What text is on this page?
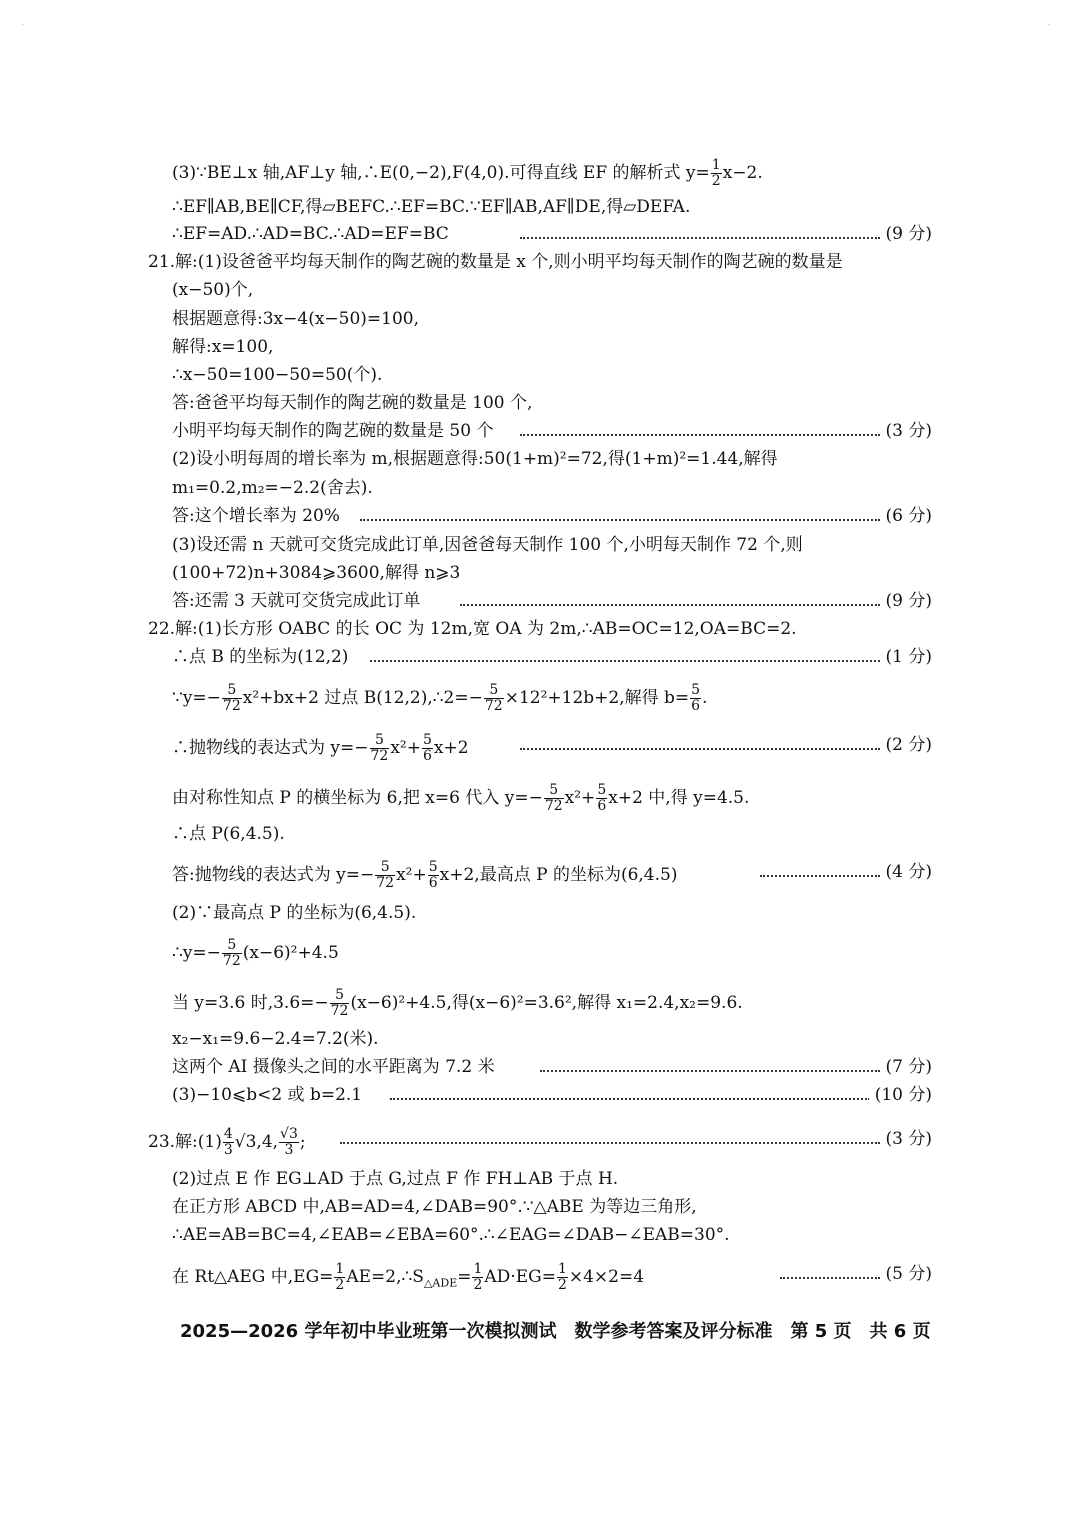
·	·
(3)∵BE⊥x 轴,AF⊥y 轴,∴E(0,−2),F(4,0).可得直线 EF 的解析式 $y= \frac{1}{2} x-2$.
∴EF∥AB,BE∥CF,得▱BEFC.∴EF=BC.∵EF∥AB,AF∥DE,得▱DEFA.
∴EF=AD.∴AD=BC.∴AD=EF=BC	(9 分)
21.解:(1)设爸爸平均每天制作的陶艺碗的数量是 x 个,则小明平均每天制作的陶艺碗的数量是
(x−50)个,
根据题意得:3x−4(x−50)=100,
解得:x=100,
∴x−50=100−50=50(个).
答:爸爸平均每天制作的陶艺碗的数量是 100 个,
小明平均每天制作的陶艺碗的数量是 50 个	(3 分)
(2)设小明每周的增长率为 m,根据题意得:50(1+m)²=72,得(1+m)²=1.44,解得
m₁=0.2,m₂=−2.2(舍去).
答:这个增长率为 20%	(6 分)
(3)设还需 n 天就可交货完成此订单,因爸爸每天制作 100 个,小明每天制作 72 个,则
(100+72)n+3084⩾3600,解得 n⩾3
答:还需 3 天就可交货完成此订单	(9 分)
22.解:(1)长方形 OABC 的长 OC 为 12m,宽 OA 为 2m,∴AB=OC=12,OA=BC=2.
∴点 B 的坐标为(12,2)	(1 分)
∵y=− $\frac{5}{72} x^2+bx+2$ 过点 B(12,2),∴2=− $\frac{5}{72} \times 12^2+12b+2$,解得 $b= \frac{5}{6}$ .
∴抛物线的表达式为 $y=- \frac{5}{72} x^2+ \frac{5}{6} x+2$	(2 分)
由对称性知点 P 的横坐标为 6,把 x=6 代入 $y=- \frac{5}{72} x^2+ \frac{5}{6} x+2$ 中,得 y=4.5.
∴点 P(6,4.5).
答:抛物线的表达式为 $y=- \frac{5}{72} x^2+ \frac{5}{6} x+2$,最高点 P 的坐标为(6,4.5)	(4 分)
(2)∵最高点 P 的坐标为(6,4.5).
∴y=− $\frac{5}{72} (x-6)^2+4.5$
当 y=3.6 时$,3.6=- \frac{5}{72} (x-6)^2+4.5$,得(x−6)²=3.6²,解得 x₁=2.4,x₂=9.6.
x₂−x₁=9.6−2.4=7.2(米).
这两个 AI 摄像头之间的水平距离为 7.2 米	(7 分)
(3)−10⩽b<2 或 b=2.1	(10 分)
23.解:(1) $\frac{4}{3} √3,4$, $\frac{√3}{3}$ ;	(3 分)
(2)过点 E 作 EG⊥AD 于点 G,过点 F 作 FH⊥AB 于点 H.
在正方形 ABCD 中,AB=AD=4,∠DAB=90°.∵△ABE 为等边三角形,
∴AE=AB=BC=4,∠EAB=∠EBA=60°.∴∠EAG=∠DAB−∠EAB=30°.
在 Rt△AEG 中$,EG= \frac{1}{2}$ $AE=2,\therefore S_{\triangle ADE}= \frac{1}{2} AD\cdot EG= \frac{1}{2} \times 4\times 2=4$	(5 分)
2025—2026 学年初中毕业班第一次模拟测试　数学参考答案及评分标准　第 5 页　共 6 页
